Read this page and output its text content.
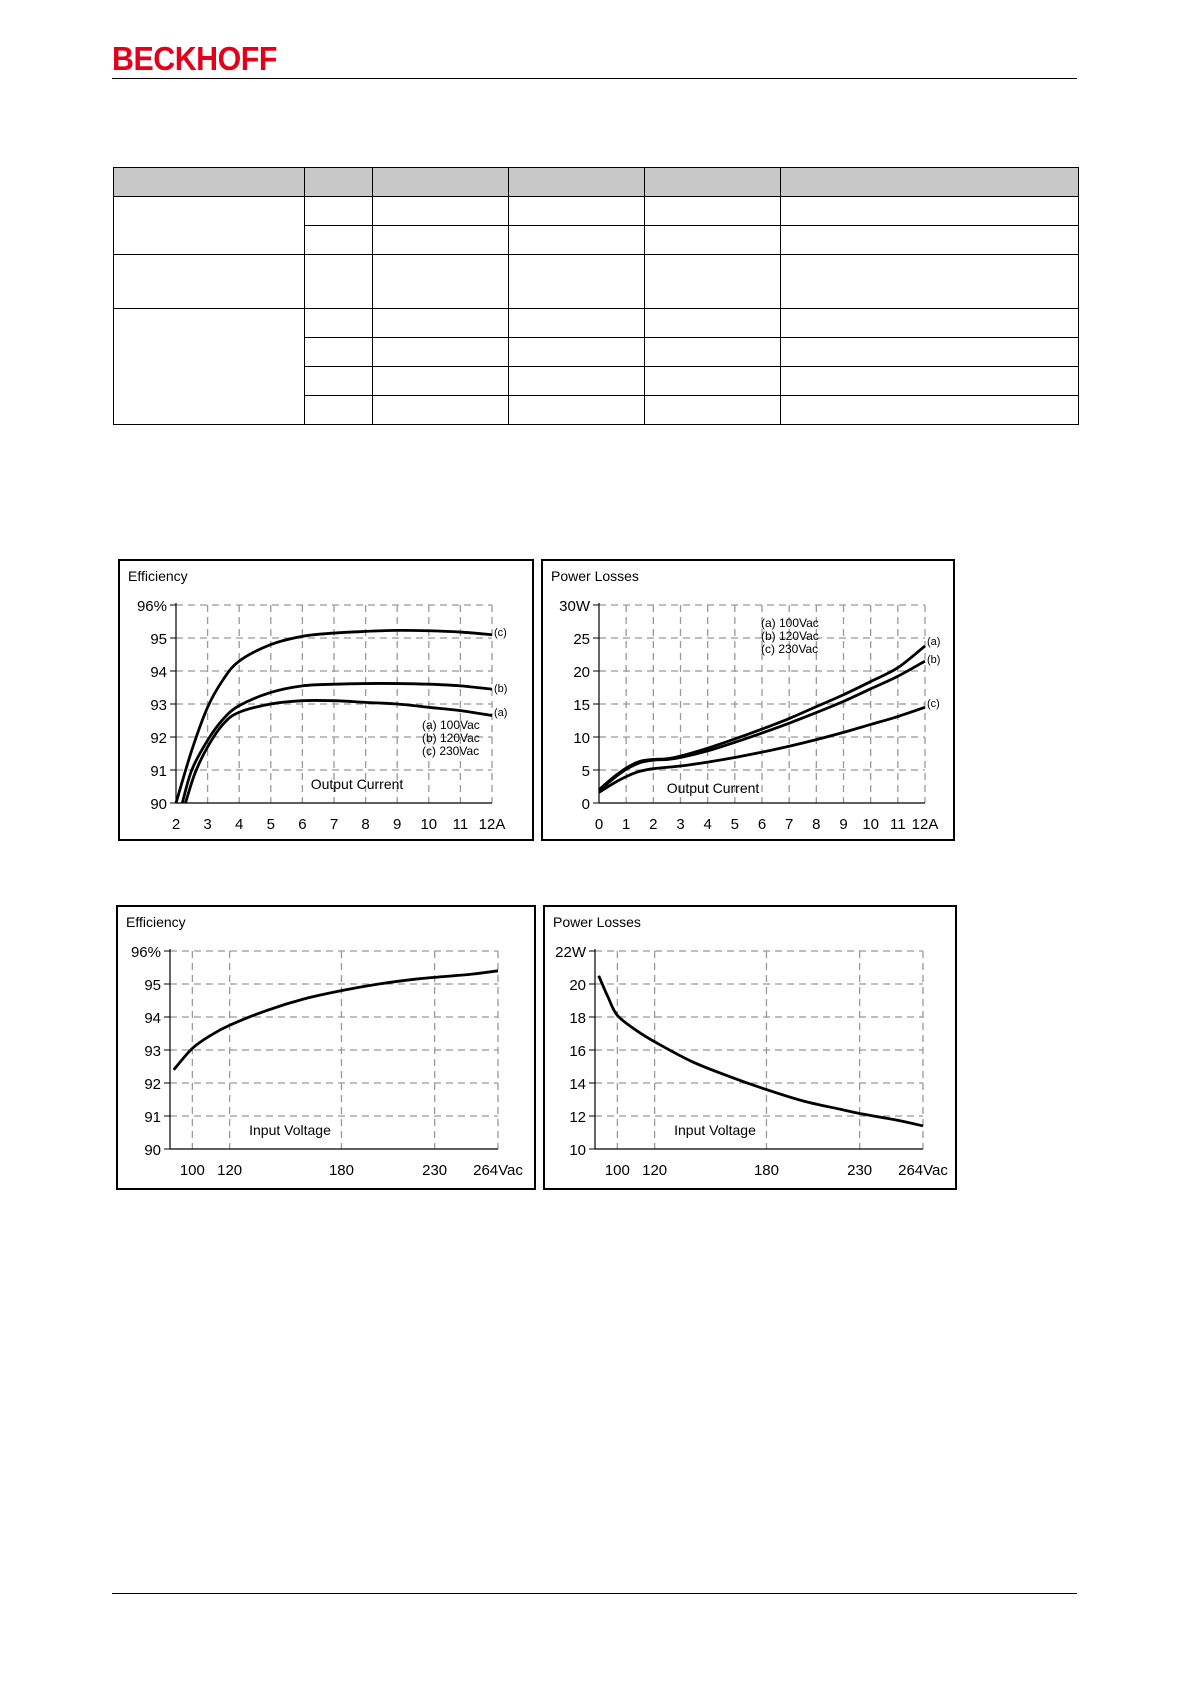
BECKHOFF

Efficiency
96%
95
94
93
92
91
90
2 3 4 5 6 7 8 9 10 11 12A
Output Current
(a) 100Vac
(b) 120Vac
(c) 230Vac
(a)
(b)
(c)
Power Losses
30W
25
20
15
10
5
0
0 1 2 3 4 5 6 7 8 9 10 11 12A
Output Current
(a) 100Vac
(b) 120Vac
(c) 230Vac	(a)
(b)
(c)
Efficiency
96%
95
94
93
92
91
90
100 120	180	230 264Vac
Input Voltage
Power Losses
22W
20
18
16
14
12
10
100 120	180	230 264Vac
Input Voltage
